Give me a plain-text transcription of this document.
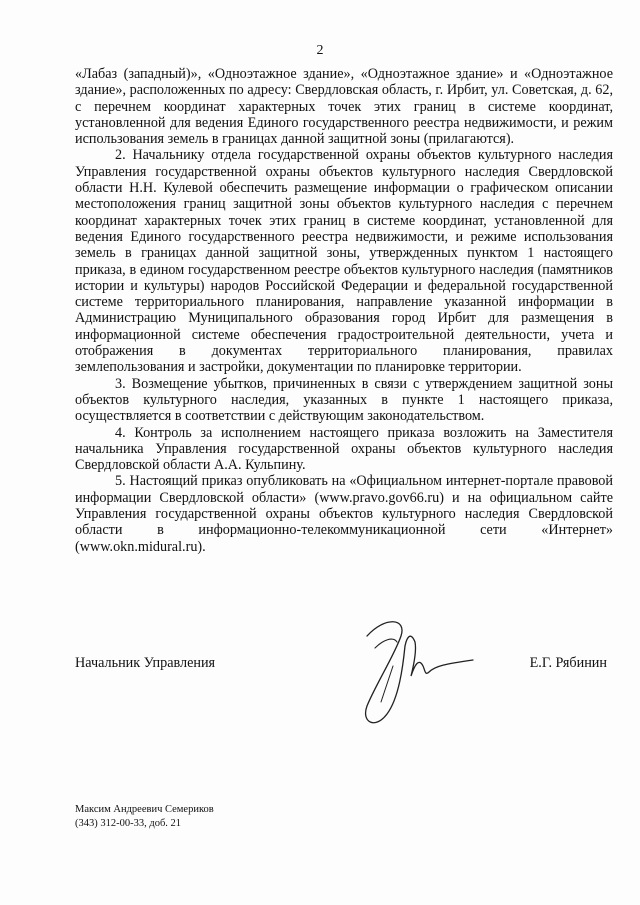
2

«Лабаз (западный)», «Одноэтажное здание», «Одноэтажное здание» и «Одноэтажное здание», расположенных по адресу: Свердловская область, г. Ирбит, ул. Советская, д. 62, с перечнем координат характерных точек этих границ в системе координат, установленной для ведения Единого государственного реестра недвижимости, и режим использования земель в границах данной защитной зоны (прилагаются).

2. Начальнику отдела государственной охраны объектов культурного наследия Управления государственной охраны объектов культурного наследия Свердловской области Н.Н. Кулевой обеспечить размещение информации о графическом описании местоположения границ защитной зоны объектов культурного наследия с перечнем координат характерных точек этих границ в системе координат, установленной для ведения Единого государственного реестра недвижимости, и режиме использования земель в границах данной защитной зоны, утвержденных пунктом 1 настоящего приказа, в едином государственном реестре объектов культурного наследия (памятников истории и культуры) народов Российской Федерации и федеральной государственной системе территориального планирования, направление указанной информации в Администрацию Муниципального образования город Ирбит для размещения в информационной системе обеспечения градостроительной деятельности, учета и отображения в документах территориального планирования, правилах землепользования и застройки, документации по планировке территории.

3. Возмещение убытков, причиненных в связи с утверждением защитной зоны объектов культурного наследия, указанных в пункте 1 настоящего приказа, осуществляется в соответствии с действующим законодательством.

4. Контроль за исполнением настоящего приказа возложить на Заместителя начальника Управления государственной охраны объектов культурного наследия Свердловской области А.А. Кульпину.

5. Настоящий приказ опубликовать на «Официальном интернет-портале правовой информации Свердловской области» (www.pravo.gov66.ru) и на официальном сайте Управления государственной охраны объектов культурного наследия Свердловской области в информационно-телекоммуникационной сети «Интернет» (www.okn.midural.ru).

Начальник Управления	Е.Г. Рябинин
Максим Андреевич Семериков
(343) 312-00-33, доб. 21
